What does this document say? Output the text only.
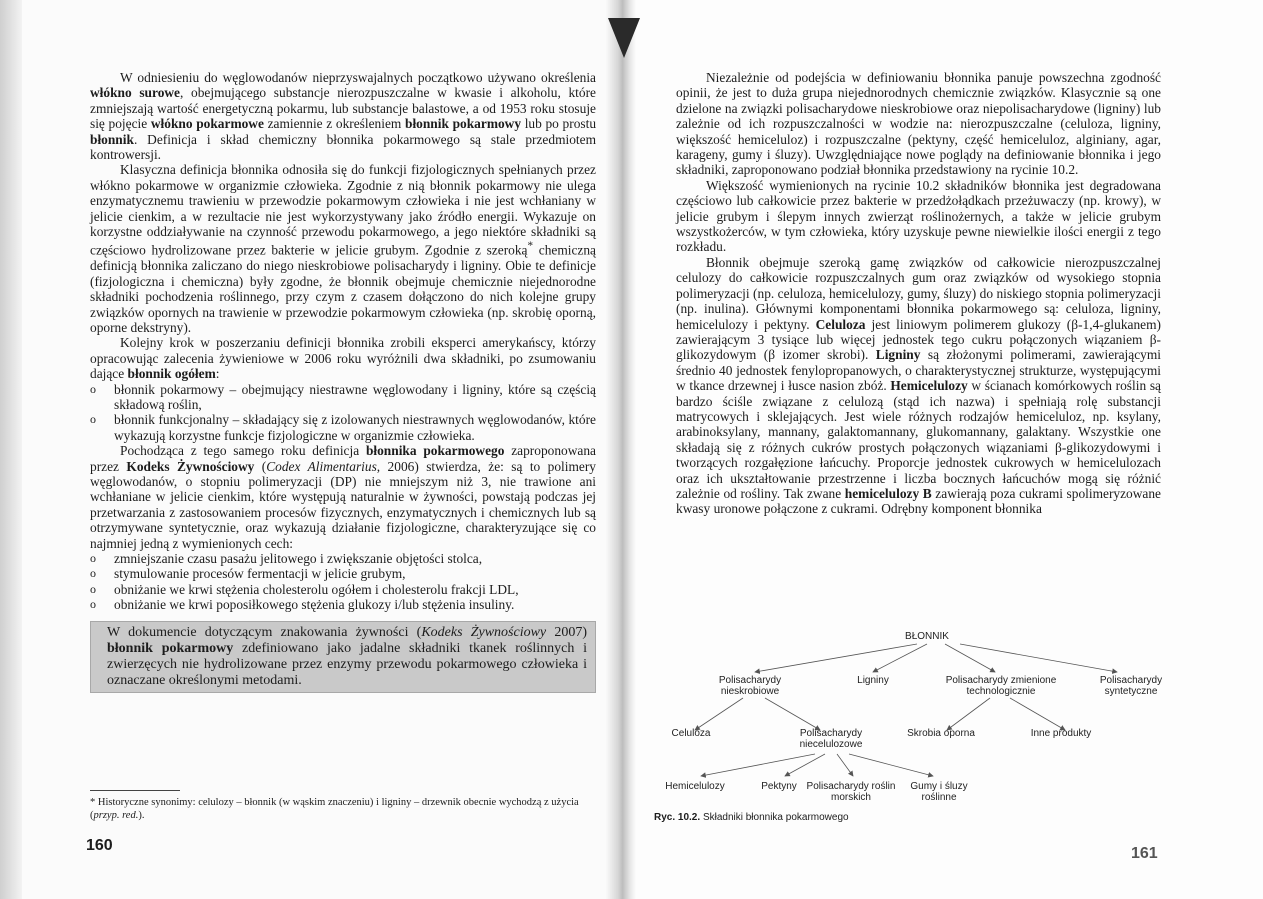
W odniesieniu do węglowodanów nieprzyswajalnych początkowo używano określenia włókno surowe, obejmującego substancje nierozpuszczalne w kwasie i alkoholu, które zmniejszają wartość energetyczną pokarmu, lub substancje balastowe, a od 1953 roku stosuje się pojęcie włókno pokarmowe zamiennie z określeniem błonnik pokarmowy lub po prostu błonnik. Definicja i skład chemiczny błonnika pokarmowego są stale przedmiotem kontrowersji.

Klasyczna definicja błonnika odnosiła się do funkcji fizjologicznych spełnianych przez włókno pokarmowe w organizmie człowieka. Zgodnie z nią błonnik pokarmowy nie ulega enzymatycznemu trawieniu w przewodzie pokarmowym człowieka i nie jest wchłaniany w jelicie cienkim, a w rezultacie nie jest wykorzystywany jako źródło energii. Wykazuje on korzystne oddziaływanie na czynność przewodu pokarmowego, a jego niektóre składniki są częściowo hydrolizowane przez bakterie w jelicie grubym. Zgodnie z szeroką* chemiczną definicją błonnika zaliczano do niego nieskrobiowe polisacharydy i ligniny. Obie te definicje (fizjologiczna i chemiczna) były zgodne, że błonnik obejmuje chemicznie niejednorodne składniki pochodzenia roślinnego, przy czym z czasem dołączono do nich kolejne grupy związków opornych na trawienie w przewodzie pokarmowym człowieka (np. skrobię oporną, oporne dekstryny).

Kolejny krok w poszerzaniu definicji błonnika zrobili eksperci amerykańscy, którzy opracowując zalecenia żywieniowe w 2006 roku wyróżnili dwa składniki, po zsumowaniu dające błonnik ogółem:

o błonnik pokarmowy – obejmujący niestrawne węglowodany i ligniny, które są częścią składową roślin,
o błonnik funkcjonalny – składający się z izolowanych niestrawnych węglowodanów, które wykazują korzystne funkcje fizjologiczne w organizmie człowieka.

Pochodząca z tego samego roku definicja błonnika pokarmowego zaproponowana przez Kodeks Żywnościowy (Codex Alimentarius, 2006) stwierdza, że: są to polimery węglowodanów, o stopniu polimeryzacji (DP) nie mniejszym niż 3, nie trawione ani wchłaniane w jelicie cienkim, które występują naturalnie w żywności, powstają podczas jej przetwarzania z zastosowaniem procesów fizycznych, enzymatycznych i chemicznych lub są otrzymywane syntetycznie, oraz wykazują działanie fizjologiczne, charakteryzujące się co najmniej jedną z wymienionych cech:

o zmniejszanie czasu pasażu jelitowego i zwiększanie objętości stolca,
o stymulowanie procesów fermentacji w jelicie grubym,
o obniżanie we krwi stężenia cholesterolu ogółem i cholesterolu frakcji LDL,
o obniżanie we krwi poposiłkowego stężenia glukozy i/lub stężenia insuliny.

W dokumencie dotyczącym znakowania żywności (Kodeks Żywnościowy 2007) błonnik pokarmowy zdefiniowano jako jadalne składniki tkanek roślinnych i zwierzęcych nie hydrolizowane przez enzymy przewodu pokarmowego człowieka i oznaczane określonymi metodami.

* Historyczne synonimy: celulozy – błonnik (w wąskim znaczeniu) i ligniny – drzewnik obecnie wychodzą z użycia (przyp. red.).
160

Niezależnie od podejścia w definiowaniu błonnika panuje powszechna zgodność opinii, że jest to duża grupa niejednorodnych chemicznie związków. Klasycznie są one dzielone na związki polisacharydowe nieskrobiowe oraz niepolisacharydowe (ligniny) lub zależnie od ich rozpuszczalności w wodzie na: nierozpuszczalne (celuloza, ligniny, większość hemiceluloz) i rozpuszczalne (pektyny, część hemiceluloz, alginiany, agar, karageny, gumy i śluzy). Uwzględniające nowe poglądy na definiowanie błonnika i jego składniki, zaproponowano podział błonnika przedstawiony na rycinie 10.2.

Większość wymienionych na rycinie 10.2 składników błonnika jest degradowana częściowo lub całkowicie przez bakterie w przedżołądkach przeżuwaczy (np. krowy), w jelicie grubym i ślepym innych zwierząt roślinożernych, a także w jelicie grubym wszystkożerców, w tym człowieka, który uzyskuje pewne niewielkie ilości energii z tego rozkładu.

Błonnik obejmuje szeroką gamę związków od całkowicie nierozpuszczalnej celulozy do całkowicie rozpuszczalnych gum oraz związków od wysokiego stopnia polimeryzacji (np. celuloza, hemicelulozy, gumy, śluzy) do niskiego stopnia polimeryzacji (np. inulina). Głównymi komponentami błonnika pokarmowego są: celuloza, ligniny, hemicelulozy i pektyny. Celuloza jest liniowym polimerem glukozy (β-1,4-glukanem) zawierającym 3 tysiące lub więcej jednostek tego cukru połączonych wiązaniem β-glikozydowym (β izomer skrobi). Ligniny są złożonymi polimerami, zawierającymi średnio 40 jednostek fenylopropanowych, o charakterystycznej strukturze, występującymi w tkance drzewnej i łusce nasion zbóż. Hemicelulozy w ścianach komórkowych roślin są bardzo ściśle związane z celulozą (stąd ich nazwa) i spełniają rolę substancji matrycowych i sklejających. Jest wiele różnych rodzajów hemiceluloz, np. ksylany, arabinoksylany, mannany, galaktomannany, glukomannany, galaktany. Wszystkie one składają się z różnych cukrów prostych połączonych wiązaniami β-glikozydowymi i tworzących rozgałęzione łańcuchy. Proporcje jednostek cukrowych w hemicelulozach oraz ich ukształtowanie przestrzenne i liczba bocznych łańcuchów mogą się różnić zależnie od rośliny. Tak zwane hemicelulozy B zawierają poza cukrami spolimeryzowane kwasy uronowe połączone z cukrami. Odrębny komponent błonnika

BŁONNIK
Polisacharydy nieskrobiowe
Ligniny	Polisacharydy zmienione technologicznie
Polisacharydy syntetyczne
Celuloza	Polisacharydy niecelulozowe
Skrobia oporna	Inne produkty
Hemicelulozy	Pektyny Polisacharydy roślin morskich
Gumy i śluzy roślinne
Ryc. 10.2. Składniki błonnika pokarmowego
161
